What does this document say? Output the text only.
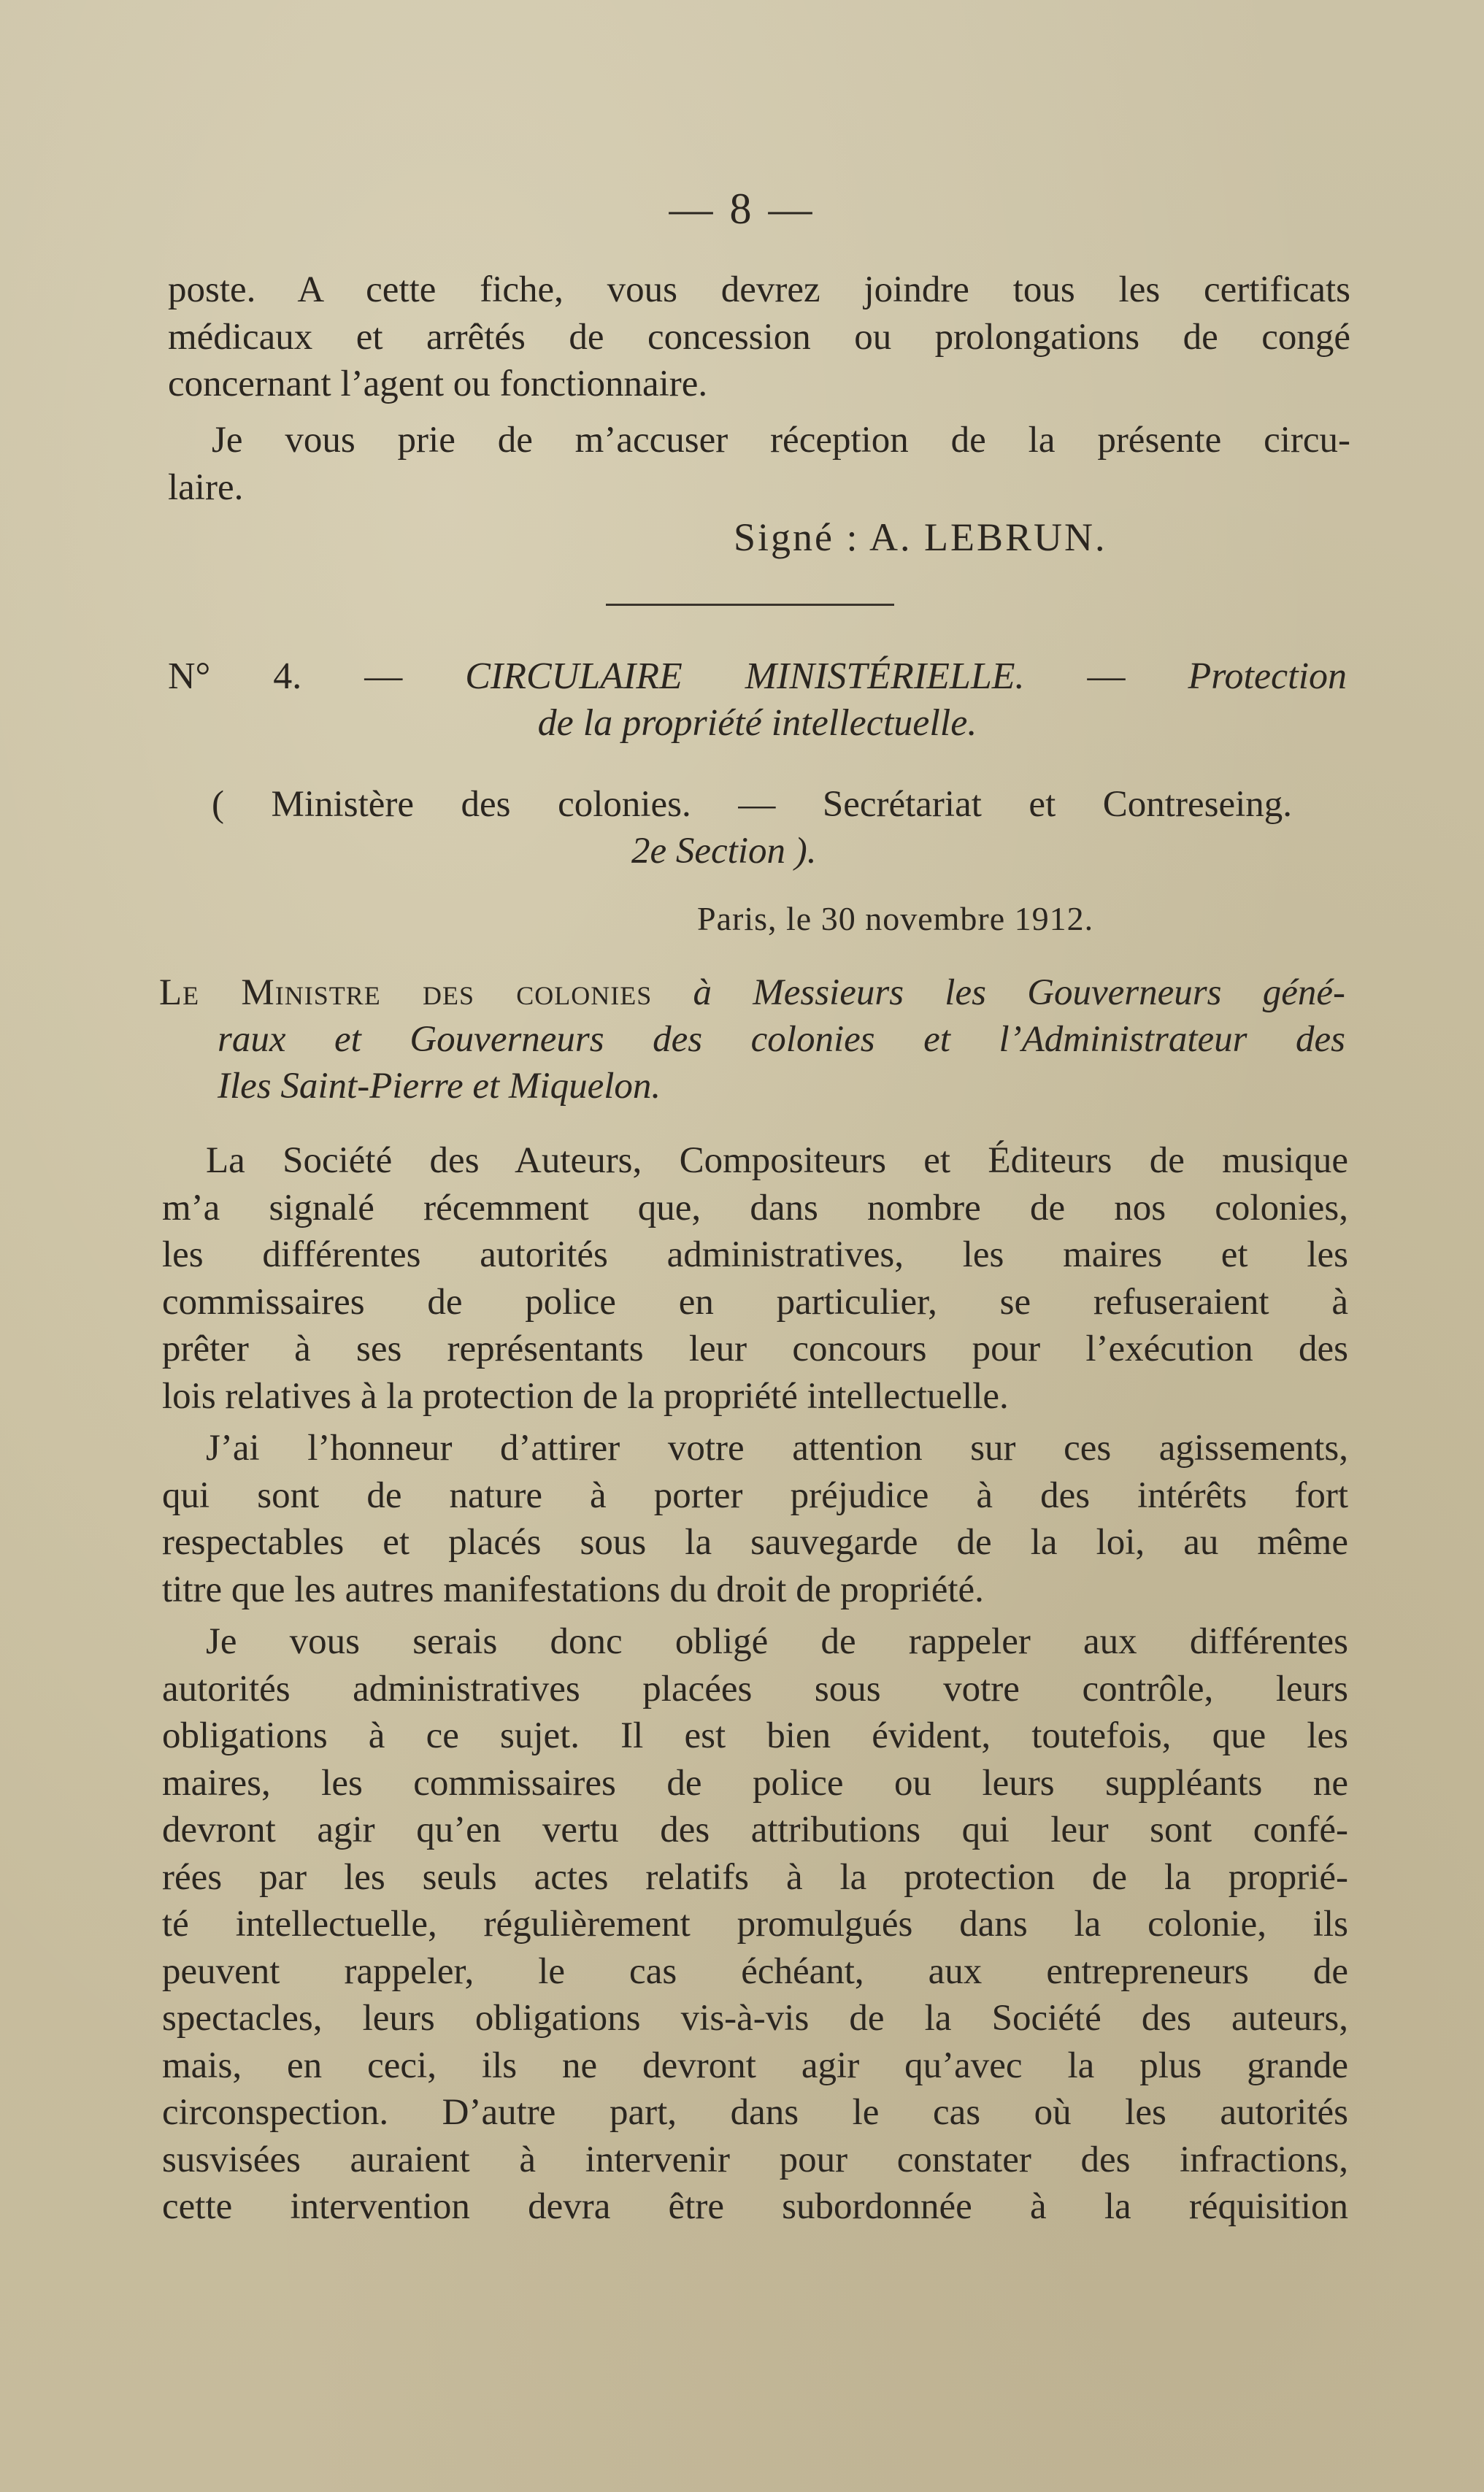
— 8 —
poste. A cette fiche, vous devrez joindre tous les certificats
médicaux et arrêtés de concession ou prolongations de congé
concernant l’agent ou fonctionnaire.
Je vous prie de m’accuser réception de la présente circu-
laire.
Signé : A. LEBRUN.
N° 4. — CIRCULAIRE MINISTÉRIELLE. — Protection
de la propriété intellectuelle.
( Ministère des colonies. — Secrétariat et Contreseing.
2e Section ).
Paris, le 30 novembre 1912.
Le Ministre des colonies à Messieurs les Gouverneurs géné-
raux et Gouverneurs des colonies et l’Administrateur des
Iles Saint-Pierre et Miquelon.
La Société des Auteurs, Compositeurs et Éditeurs de musique
m’a signalé récemment que, dans nombre de nos colonies,
les différentes autorités administratives, les maires et les
commissaires de police en particulier, se refuseraient à
prêter à ses représentants leur concours pour l’exécution des
lois relatives à la protection de la propriété intellectuelle.
J’ai l’honneur d’attirer votre attention sur ces agissements,
qui sont de nature à porter préjudice à des intérêts fort
respectables et placés sous la sauvegarde de la loi, au même
titre que les autres manifestations du droit de propriété.
Je vous serais donc obligé de rappeler aux différentes
autorités administratives placées sous votre contrôle, leurs
obligations à ce sujet. Il est bien évident, toutefois, que les
maires, les commissaires de police ou leurs suppléants ne
devront agir qu’en vertu des attributions qui leur sont confé-
rées par les seuls actes relatifs à la protection de la proprié-
té intellectuelle, régulièrement promulgués dans la colonie, ils
peuvent rappeler, le cas échéant, aux entrepreneurs de
spectacles, leurs obligations vis-à-vis de la Société des auteurs,
mais, en ceci, ils ne devront agir qu’avec la plus grande
circonspection. D’autre part, dans le cas où les autorités
susvisées auraient à intervenir pour constater des infractions,
cette intervention devra être subordonnée à la réquisition
